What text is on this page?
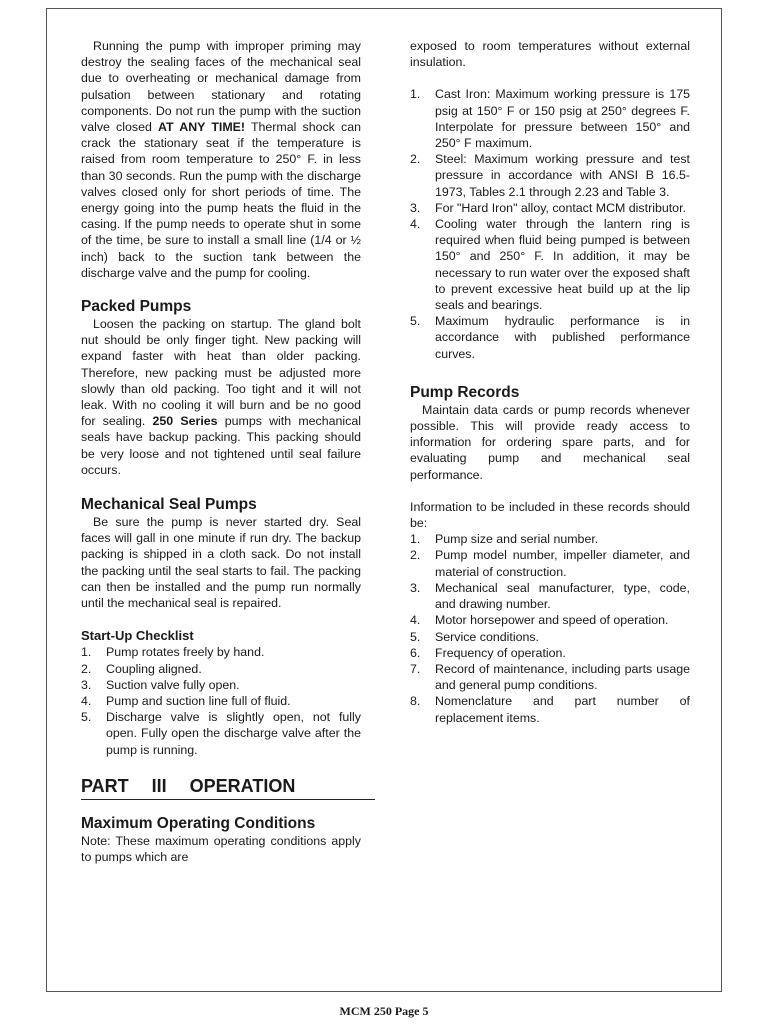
Running the pump with improper priming may destroy the sealing faces of the mechanical seal due to overheating or mechanical damage from pulsation between stationary and rotating components. Do not run the pump with the suction valve closed AT ANY TIME! Thermal shock can crack the stationary seat if the temperature is raised from room temperature to 250° F. in less than 30 seconds. Run the pump with the discharge valves closed only for short periods of time. The energy going into the pump heats the fluid in the casing. If the pump needs to operate shut in some of the time, be sure to install a small line (1/4 or ½ inch) back to the suction tank between the discharge valve and the pump for cooling.

Packed Pumps

Loosen the packing on startup. The gland bolt nut should be only finger tight. New packing will expand faster with heat than older packing. Therefore, new packing must be adjusted more slowly than old packing. Too tight and it will not leak. With no cooling it will burn and be no good for sealing. 250 Series pumps with mechanical seals have backup packing. This packing should be very loose and not tightened until seal failure occurs.

Mechanical Seal Pumps

Be sure the pump is never started dry. Seal faces will gall in one minute if run dry. The backup packing is shipped in a cloth sack. Do not install the packing until the seal starts to fail. The packing can then be installed and the pump run normally until the mechanical seal is repaired.

Start-Up Checklist
1. Pump rotates freely by hand.
2. Coupling aligned.
3. Suction valve fully open.
4. Pump and suction line full of fluid.
5. Discharge valve is slightly open, not fully open. Fully open the discharge valve after the pump is running.
PART III OPERATION
Maximum Operating Conditions

Note: These maximum operating conditions apply to pumps which are

exposed to room temperatures without external insulation.

1. Cast Iron: Maximum working pressure is 175 psig at 150° F or 150 psig at 250° degrees F. Interpolate for pressure between 150° and 250° F maximum.
2. Steel: Maximum working pressure and test pressure in accordance with ANSI B 16.5-1973, Tables 2.1 through 2.23 and Table 3.
3. For "Hard Iron" alloy, contact MCM distributor.
4. Cooling water through the lantern ring is required when fluid being pumped is between 150° and 250° F. In addition, it may be necessary to run water over the exposed shaft to prevent excessive heat build up at the lip seals and bearings.
5. Maximum hydraulic performance is in accordance with published performance curves.
Pump Records

Maintain data cards or pump records whenever possible. This will provide ready access to information for ordering spare parts, and for evaluating pump and mechanical seal performance.

Information to be included in these records should be:

1. Pump size and serial number.
2. Pump model number, impeller diameter, and material of construction.
3. Mechanical seal manufacturer, type, code, and drawing number.
4. Motor horsepower and speed of operation.
5. Service conditions.
6. Frequency of operation.
7. Record of maintenance, including parts usage and general pump conditions.
8. Nomenclature and part number of replacement items.
MCM 250 Page 5
